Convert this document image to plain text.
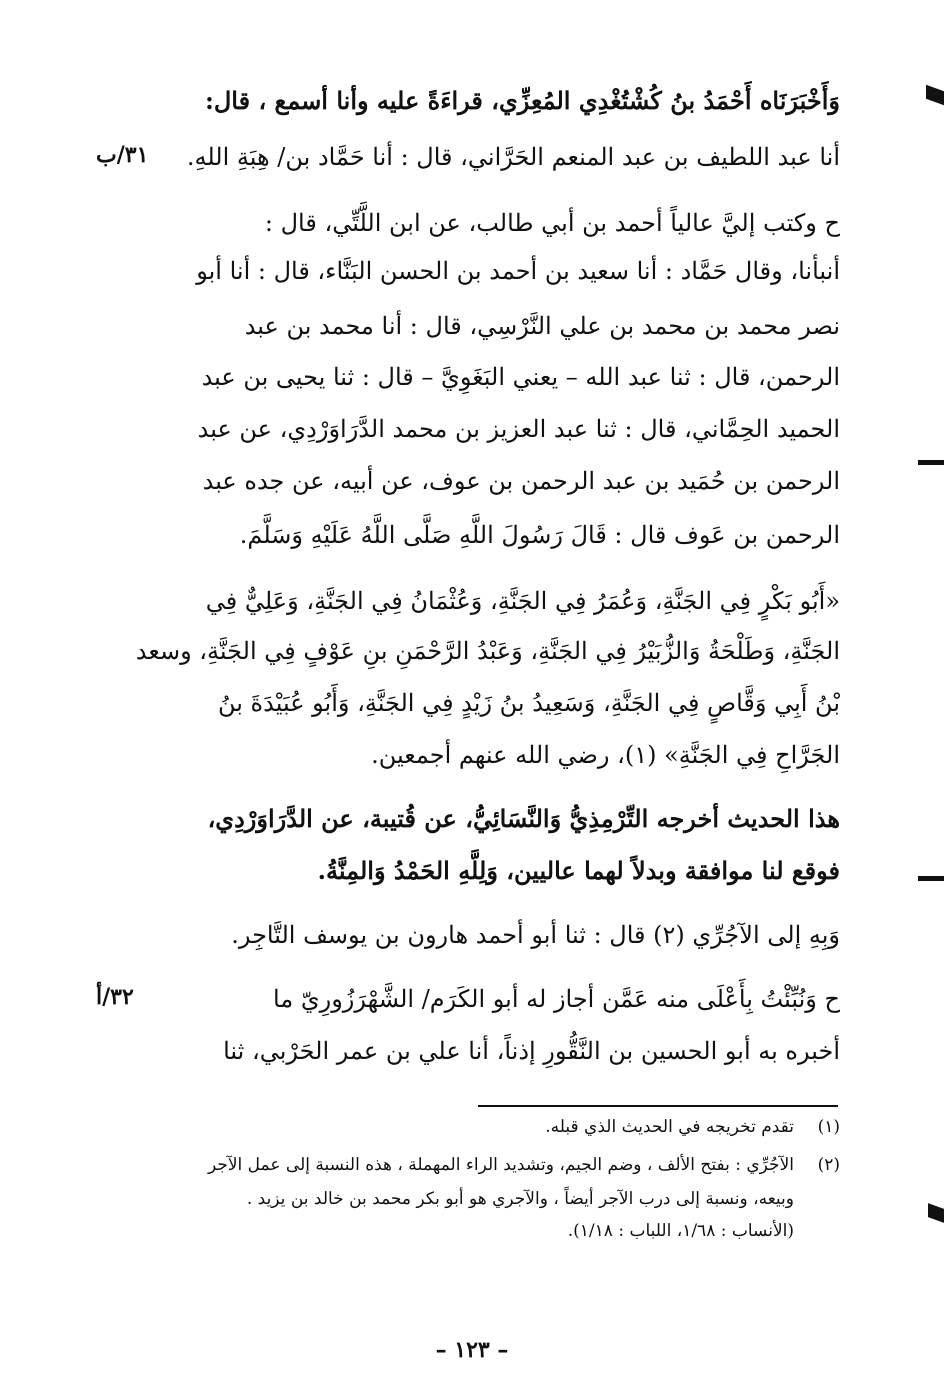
وَأَخْبَرَنَاه أَحْمَدُ بنُ كُشْتُغْدِي المُعِزِّي، قراءَةً عليه وأنا أسمع ، قال:
أنا عبد اللطيف بن عبد المنعم الحَرَّاني، قال : أنا حَمَّاد بن/ هِبَةِ اللهِ.
٣١/ب
ح وكتب إليَّ عالياً أحمد بن أبي طالب، عن ابن اللَّتِّي، قال :
أنبأنا، وقال حَمَّاد : أنا سعيد بن أحمد بن الحسن البَنَّاء، قال : أنا أبو
نصر محمد بن محمد بن علي النَّرْسِي، قال : أنا محمد بن عبد
الرحمن، قال : ثنا عبد الله – يعني البَغَوِيَّ – قال : ثنا يحيى بن عبد
الحميد الحِمَّاني، قال : ثنا عبد العزيز بن محمد الدَّرَاوَرْدِي، عن عبد
الرحمن بن حُمَيد بن عبد الرحمن بن عوف، عن أبيه، عن جده عبد
الرحمن بن عَوف قال : قَالَ رَسُولَ اللَّهِ صَلَّى اللَّهُ عَلَيْهِ وَسَلَّمَ.
«أَبُو بَكْرٍ فِي الجَنَّةِ، وَعُمَرُ فِي الجَنَّةِ، وَعُثْمَانُ فِي الجَنَّةِ، وَعَلِيٌّ فِي
الجَنَّةِ، وَطَلْحَةُ وَالزُّبَيْرُ فِي الجَنَّةِ، وَعَبْدُ الرَّحْمَنِ بنِ عَوْفٍ فِي الجَنَّةِ، وسعد
بْنُ أَبِي وَقَّاصٍ فِي الجَنَّةِ، وَسَعِيدُ بنُ زَيْدٍ فِي الجَنَّةِ، وَأَبُو عُبَيْدَةَ بنُ
الجَرَّاحِ فِي الجَنَّةِ» (١)، رضي الله عنهم أجمعين.
هذا الحديث أخرجه التِّرْمِذِيُّ وَالنَّسَائِيُّ، عن قُتيبة، عن الدَّرَاوَرْدِي،
فوقع لنا موافقة وبدلاً لهما عاليين، وَلِلَّهِ الحَمْدُ وَالمِنَّةُ.
وَبِهِ إلى الآجُرِّي (٢) قال : ثنا أبو أحمد هارون بن يوسف التَّاجِر.
ح وَنُبِّئْتُ بِأَعْلَى منه عَمَّن أجاز له أبو الكَرَم/ الشَّهْرَزُورِيّ ما
٣٢/أ
أخبره به أبو الحسين بن النَّقُّورِ إذناً، أنا علي بن عمر الحَرْبي، ثنا
(١)تقدم تخريجه في الحديث الذي قبله.
(٢)الآجُرِّي : بفتح الألف ، وضم الجيم، وتشديد الراء المهملة ، هذه النسبة إلى عمل الآجر
وبيعه، ونسبة إلى درب الآجر أيضاً ، والآجري هو أبو بكر محمد بن خالد بن يزيد .
(الأنساب : ١/٦٨، اللباب : ١/١٨).
– ١٢٣ –
